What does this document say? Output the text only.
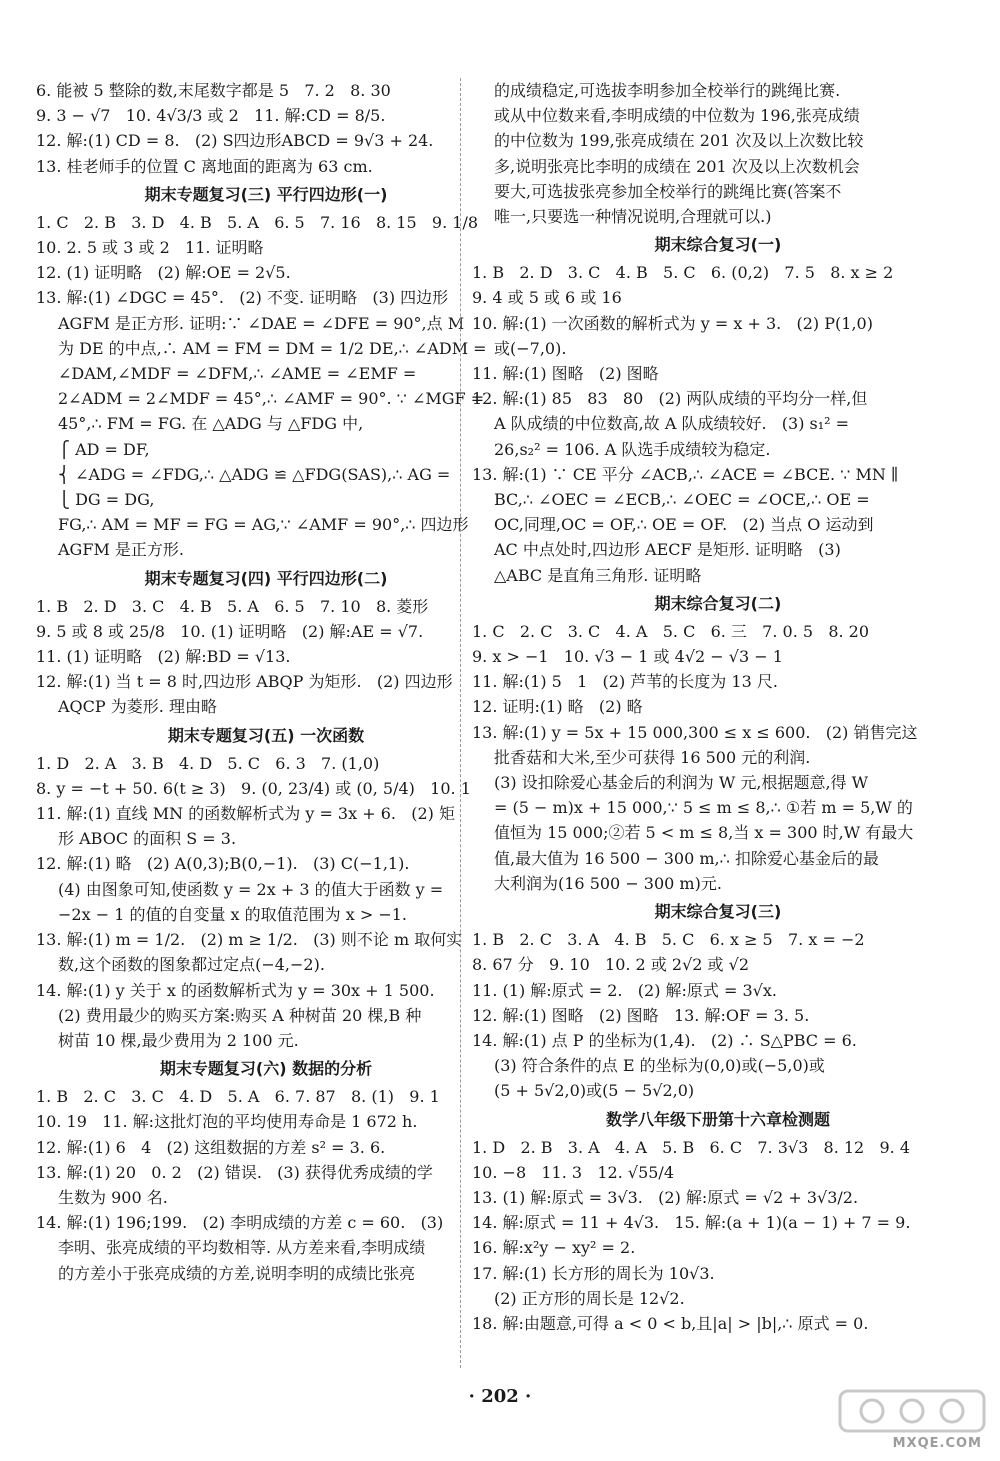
6. 能被 5 整除的数,末尾数字都是 5   7. 2   8. 30
9. 3 − √7   10. 4√3/3 或 2   11. 解:CD = 8/5.
12. 解:(1) CD = 8.   (2) S四边形ABCD = 9√3 + 24.
13. 桂老师手的位置 C 离地面的距离为 63 cm.
期末专题复习(三) 平行四边形(一)
1. C   2. B   3. D   4. B   5. A   6. 5   7. 16   8. 15   9. 1/8
10. 2. 5 或 3 或 2   11. 证明略
12. (1) 证明略   (2) 解:OE = 2√5.
13. 解:(1) ∠DGC = 45°.   (2) 不变. 证明略   (3) 四边形
AGFM 是正方形. 证明:∵ ∠DAE = ∠DFE = 90°,点 M
为 DE 的中点,∴ AM = FM = DM = 1/2 DE,∴ ∠ADM =
∠DAM,∠MDF = ∠DFM,∴ ∠AME = ∠EMF =
2∠ADM = 2∠MDF = 45°,∴ ∠AMF = 90°. ∵ ∠MGF =
45°,∴ FM = FG. 在 △ADG 与 △FDG 中,
⎧ AD = DF,
⎨ ∠ADG = ∠FDG,∴ △ADG ≌ △FDG(SAS),∴ AG =
⎩ DG = DG,
FG,∴ AM = MF = FG = AG,∵ ∠AMF = 90°,∴ 四边形
AGFM 是正方形.
期末专题复习(四) 平行四边形(二)
1. B   2. D   3. C   4. B   5. A   6. 5   7. 10   8. 菱形
9. 5 或 8 或 25/8   10. (1) 证明略   (2) 解:AE = √7.
11. (1) 证明略   (2) 解:BD = √13.
12. 解:(1) 当 t = 8 时,四边形 ABQP 为矩形.   (2) 四边形
AQCP 为菱形. 理由略
期末专题复习(五) 一次函数
1. D   2. A   3. B   4. D   5. C   6. 3   7. (1,0)
8. y = −t + 50. 6(t ≥ 3)   9. (0, 23/4) 或 (0, 5/4)   10. 1
11. 解:(1) 直线 MN 的函数解析式为 y = 3x + 6.   (2) 矩
形 ABOC 的面积 S = 3.
12. 解:(1) 略   (2) A(0,3);B(0,−1).   (3) C(−1,1).
(4) 由图象可知,使函数 y = 2x + 3 的值大于函数 y =
−2x − 1 的值的自变量 x 的取值范围为 x > −1.
13. 解:(1) m = 1/2.   (2) m ≥ 1/2.   (3) 则不论 m 取何实
数,这个函数的图象都过定点(−4,−2).
14. 解:(1) y 关于 x 的函数解析式为 y = 30x + 1 500.
(2) 费用最少的购买方案:购买 A 种树苗 20 棵,B 种
树苗 10 棵,最少费用为 2 100 元.
期末专题复习(六) 数据的分析
1. B   2. C   3. C   4. D   5. A   6. 7. 87   8. (1)   9. 1
10. 19   11. 解:这批灯泡的平均使用寿命是 1 672 h.
12. 解:(1) 6   4   (2) 这组数据的方差 s² = 3. 6.
13. 解:(1) 20   0. 2   (2) 错误.   (3) 获得优秀成绩的学
生数为 900 名.
14. 解:(1) 196;199.   (2) 李明成绩的方差 c = 60.   (3)
李明、张亮成绩的平均数相等. 从方差来看,李明成绩
的方差小于张亮成绩的方差,说明李明的成绩比张亮
的成绩稳定,可选拔李明参加全校举行的跳绳比赛.
或从中位数来看,李明成绩的中位数为 196,张亮成绩
的中位数为 199,张亮成绩在 201 次及以上次数比较
多,说明张亮比李明的成绩在 201 次及以上次数机会
要大,可选拔张亮参加全校举行的跳绳比赛(答案不
唯一,只要选一种情况说明,合理就可以.)
期末综合复习(一)
1. B   2. D   3. C   4. B   5. C   6. (0,2)   7. 5   8. x ≥ 2
9. 4 或 5 或 6 或 16
10. 解:(1) 一次函数的解析式为 y = x + 3.   (2) P(1,0)
或(−7,0).
11. 解:(1) 图略   (2) 图略
12. 解:(1) 85   83   80   (2) 两队成绩的平均分一样,但
A 队成绩的中位数高,故 A 队成绩较好.   (3) s₁² =
26,s₂² = 106. A 队选手成绩较为稳定.
13. 解:(1) ∵ CE 平分 ∠ACB,∴ ∠ACE = ∠BCE. ∵ MN ∥
BC,∴ ∠OEC = ∠ECB,∴ ∠OEC = ∠OCE,∴ OE =
OC,同理,OC = OF,∴ OE = OF.   (2) 当点 O 运动到
AC 中点处时,四边形 AECF 是矩形. 证明略   (3)
△ABC 是直角三角形. 证明略
期末综合复习(二)
1. C   2. C   3. C   4. A   5. C   6. 三   7. 0. 5   8. 20
9. x > −1   10. √3 − 1 或 4√2 − √3 − 1
11. 解:(1) 5   1   (2) 芦苇的长度为 13 尺.
12. 证明:(1) 略   (2) 略
13. 解:(1) y = 5x + 15 000,300 ≤ x ≤ 600.   (2) 销售完这
批香菇和大米,至少可获得 16 500 元的利润.
(3) 设扣除爱心基金后的利润为 W 元,根据题意,得 W
= (5 − m)x + 15 000,∵ 5 ≤ m ≤ 8,∴ ①若 m = 5,W 的
值恒为 15 000;②若 5 < m ≤ 8,当 x = 300 时,W 有最大
值,最大值为 16 500 − 300 m,∴ 扣除爱心基金后的最
大利润为(16 500 − 300 m)元.
期末综合复习(三)
1. B   2. C   3. A   4. B   5. C   6. x ≥ 5   7. x = −2
8. 67 分   9. 10   10. 2 或 2√2 或 √2
11. (1) 解:原式 = 2.   (2) 解:原式 = 3√x.
12. 解:(1) 图略   (2) 图略   13. 解:OF = 3. 5.
14. 解:(1) 点 P 的坐标为(1,4).   (2) ∴ S△PBC = 6.
(3) 符合条件的点 E 的坐标为(0,0)或(−5,0)或
(5 + 5√2,0)或(5 − 5√2,0)
数学八年级下册第十六章检测题
1. D   2. B   3. A   4. A   5. B   6. C   7. 3√3   8. 12   9. 4
10. −8   11. 3   12. √55/4
13. (1) 解:原式 = 3√3.   (2) 解:原式 = √2 + 3√3/2.
14. 解:原式 = 11 + 4√3.   15. 解:(a + 1)(a − 1) + 7 = 9.
16. 解:x²y − xy² = 2.
17. 解:(1) 长方形的周长为 10√3.
(2) 正方形的周长是 12√2.
18. 解:由题意,可得 a < 0 < b,且|a| > |b|,∴ 原式 = 0.
· 202 ·
MXQE.COM
